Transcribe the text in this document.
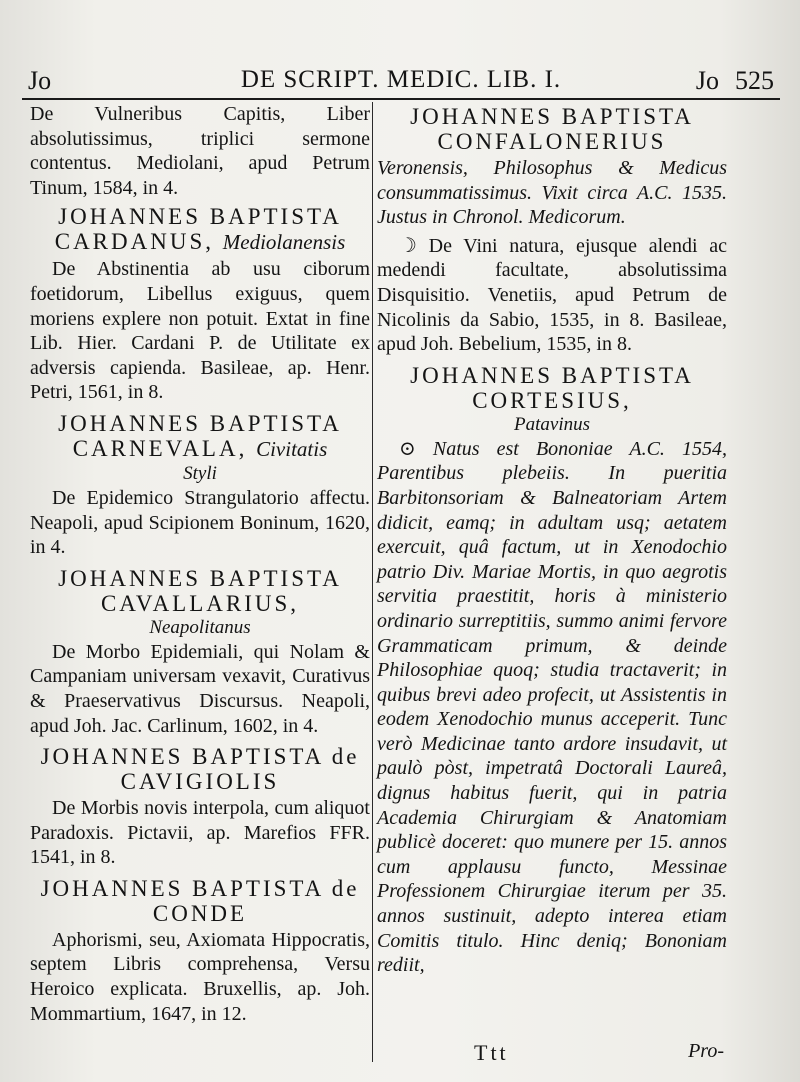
Jo	DE SCRIPT. MEDIC. LIB. I.	Jo 525

De Vulneribus Capitis, Liber absolutissimus, triplici sermone contentus. Mediolani, apud Petrum Tinum, 1584, in 4.

JOHANNES BAPTISTA CARDANUS, Mediolanensis

De Abstinentia ab usu ciborum foetidorum, Libellus exiguus, quem moriens explere non potuit. Extat in fine Lib. Hier. Cardani P. de Utilitate ex adversis capienda. Basileae, ap. Henr. Petri, 1561, in 8.

JOHANNES BAPTISTA CARNEVALA, Civitatis
Styli

De Epidemico Strangulatorio affectu. Neapoli, apud Scipionem Boninum, 1620, in 4.

JOHANNES BAPTISTA CAVALLARIUS,
Neapolitanus

De Morbo Epidemiali, qui Nolam & Campaniam universam vexavit, Curativus & Praeservativus Discursus. Neapoli, apud Joh. Jac. Carlinum, 1602, in 4.

JOHANNES BAPTISTA de CAVIGIOLIS

De Morbis novis interpola, cum aliquot Paradoxis. Pictavii, ap. Marefios FFR. 1541, in 8.

JOHANNES BAPTISTA de CONDE

Aphorismi, seu, Axiomata Hippocratis, septem Libris comprehensa, Versu Heroico explicata. Bruxellis, ap. Joh. Mommartium, 1647, in 12.

JOHANNES BAPTISTA CONFALONERIUS

Veronensis, Philosophus & Medicus consummatissimus. Vixit circa A.C. 1535. Justus in Chronol. Medicorum.

☽ De Vini natura, ejusque alendi ac medendi facultate, absolutissima Disquisitio. Venetiis, apud Petrum de Nicolinis da Sabio, 1535, in 8. Basileae, apud Joh. Bebelium, 1535, in 8.

JOHANNES BAPTISTA CORTESIUS,
Patavinus

⊙ Natus est Bononiae A.C. 1554, Parentibus plebeiis. In pueritia Barbitonsoriam & Balneatoriam Artem didicit, eamq; in adultam usq; aetatem exercuit, quâ factum, ut in Xenodochio patrio Div. Mariae Mortis, in quo aegrotis servitia praestitit, horis à ministerio ordinario surreptitiis, summo animi fervore Grammaticam primum, & deinde Philosophiae quoq; studia tractaverit; in quibus brevi adeo profecit, ut Assistentis in eodem Xenodochio munus acceperit. Tunc verò Medicinae tanto ardore insudavit, ut paulò pòst, impetratâ Doctorali Laureâ, dignus habitus fuerit, qui in patria Academia Chirurgiam & Anatomiam publicè doceret: quo munere per 15. annos cum applausu functo, Messinae Professionem Chirurgiae iterum per 35. annos sustinuit, adepto interea etiam Comitis titulo. Hinc deniq; Bononiam rediit,

Ttt	Pro-
